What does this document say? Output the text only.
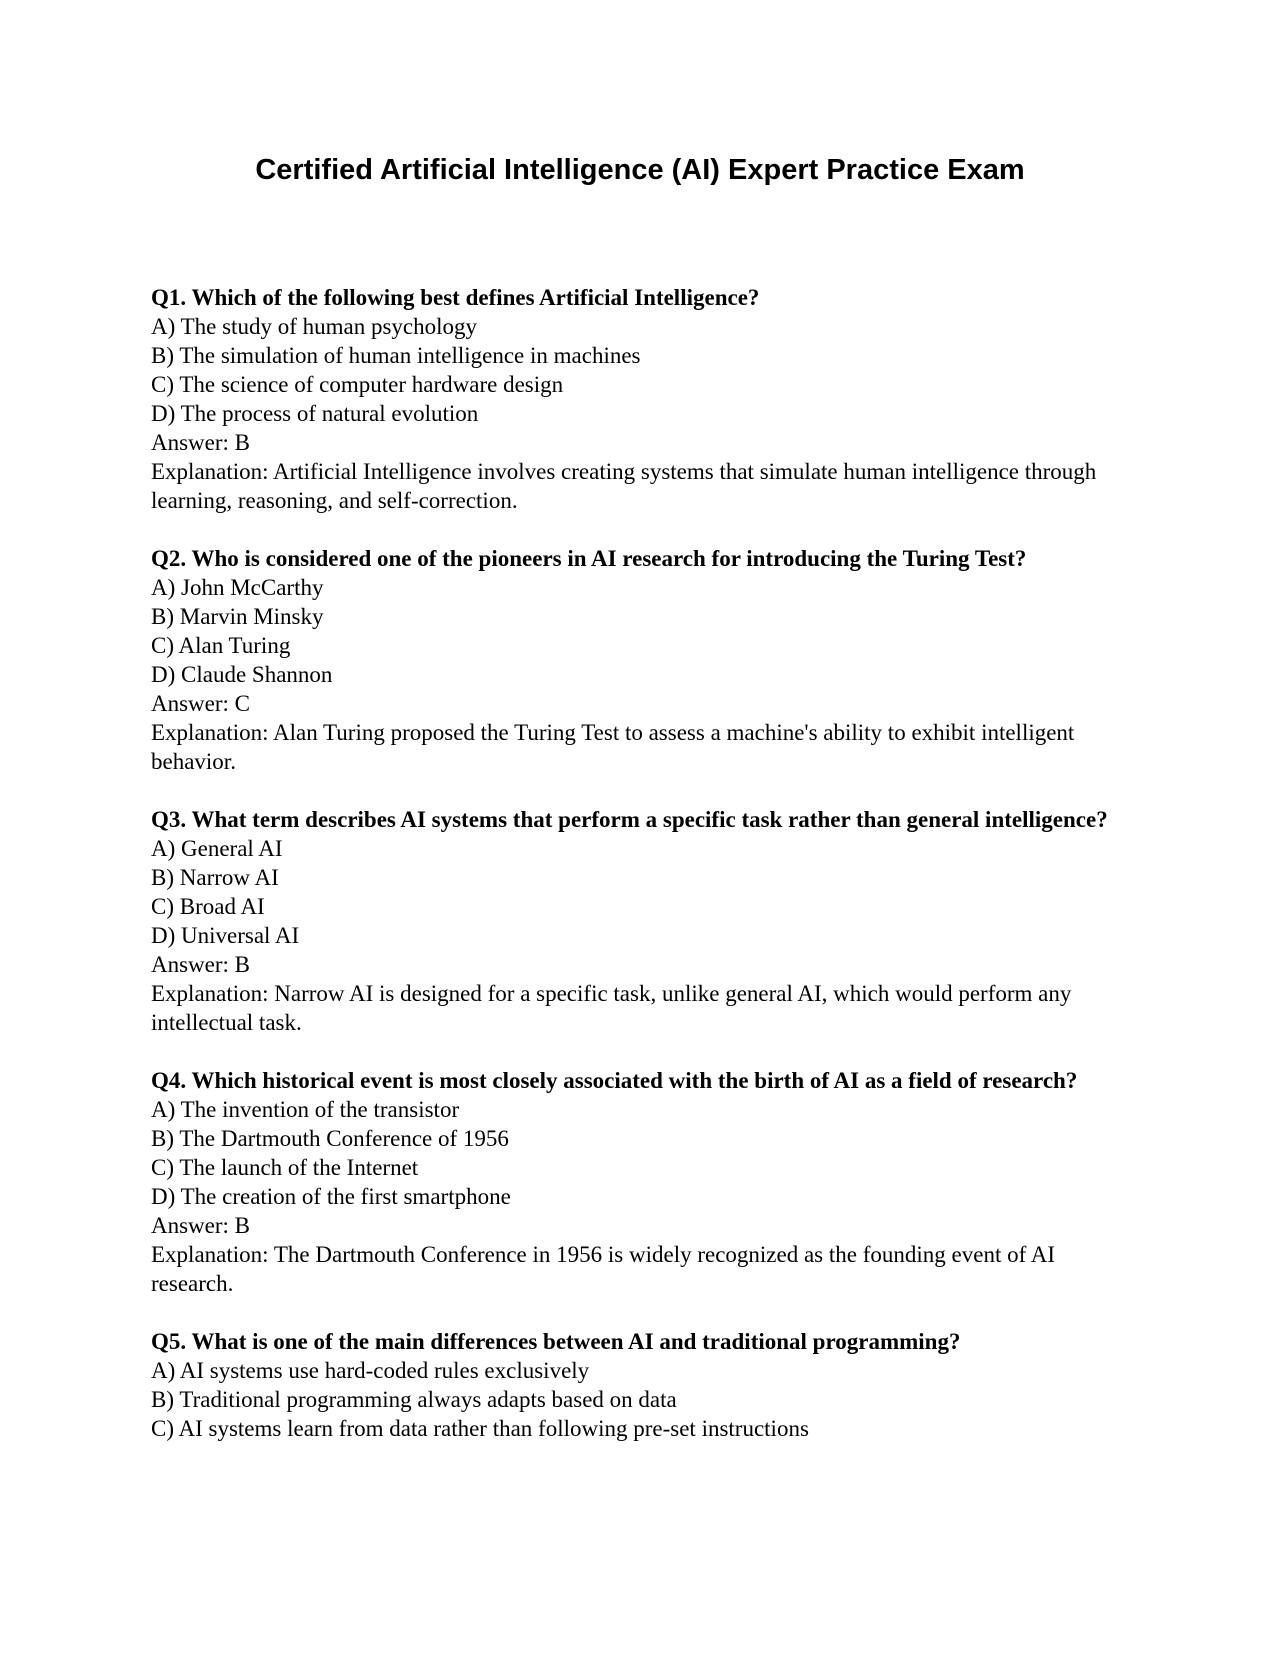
Certified Artificial Intelligence (AI) Expert Practice Exam

Q1. Which of the following best defines Artificial Intelligence?

A) The study of human psychology

B) The simulation of human intelligence in machines

C) The science of computer hardware design

D) The process of natural evolution

Answer: B

Explanation: Artificial Intelligence involves creating systems that simulate human intelligence through learning, reasoning, and self-correction.

Q2. Who is considered one of the pioneers in AI research for introducing the Turing Test?

A) John McCarthy

B) Marvin Minsky

C) Alan Turing

D) Claude Shannon

Answer: C

Explanation: Alan Turing proposed the Turing Test to assess a machine's ability to exhibit intelligent behavior.

Q3. What term describes AI systems that perform a specific task rather than general intelligence?

A) General AI

B) Narrow AI

C) Broad AI

D) Universal AI

Answer: B

Explanation: Narrow AI is designed for a specific task, unlike general AI, which would perform any intellectual task.

Q4. Which historical event is most closely associated with the birth of AI as a field of research?

A) The invention of the transistor

B) The Dartmouth Conference of 1956

C) The launch of the Internet

D) The creation of the first smartphone

Answer: B

Explanation: The Dartmouth Conference in 1956 is widely recognized as the founding event of AI research.

Q5. What is one of the main differences between AI and traditional programming?

A) AI systems use hard-coded rules exclusively

B) Traditional programming always adapts based on data

C) AI systems learn from data rather than following pre-set instructions
